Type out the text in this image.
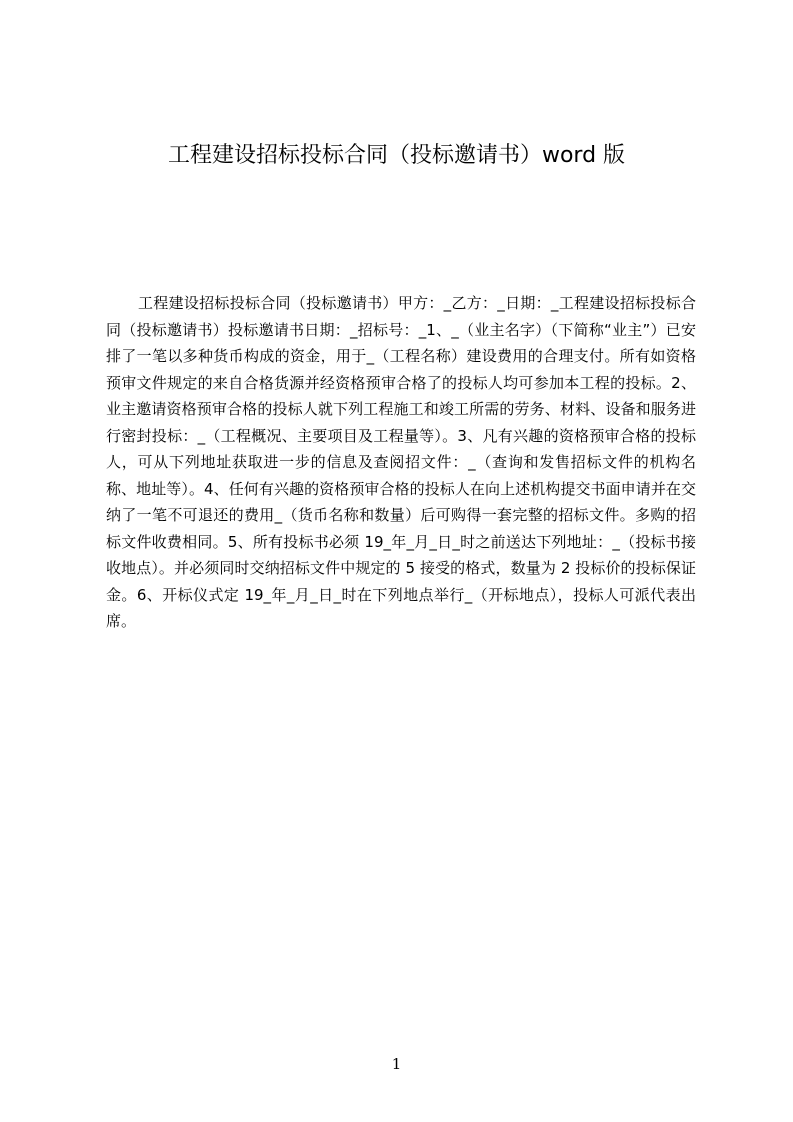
工程建设招标投标合同（投标邀请书）word 版
工程建设招标投标合同（投标邀请书）甲方：_乙方：_日期：_工程建设招标投标合同（投标邀请书）投标邀请书日期：_招标号：_1、_（业主名字）（下简称“业主”）已安排了一笔以多种货币构成的资金，用于_（工程名称）建设费用的合理支付。所有如资格预审文件规定的来自合格货源并经资格预审合格了的投标人均可参加本工程的投标。2、业主邀请资格预审合格的投标人就下列工程施工和竣工所需的劳务、材料、设备和服务进行密封投标：_（工程概况、主要项目及工程量等）。3、凡有兴趣的资格预审合格的投标人，可从下列地址获取进一步的信息及查阅招文件：_（查询和发售招标文件的机构名称、地址等）。4、任何有兴趣的资格预审合格的投标人在向上述机构提交书面申请并在交纳了一笔不可退还的费用_（货币名称和数量）后可购得一套完整的招标文件。多购的招标文件收费相同。5、所有投标书必须 19_年_月_日_时之前送达下列地址：_（投标书接收地点）。并必须同时交纳招标文件中规定的 5 接受的格式，数量为 2 投标价的投标保证金。6、开标仪式定 19_年_月_日_时在下列地点举行_（开标地点），投标人可派代表出席。
1
